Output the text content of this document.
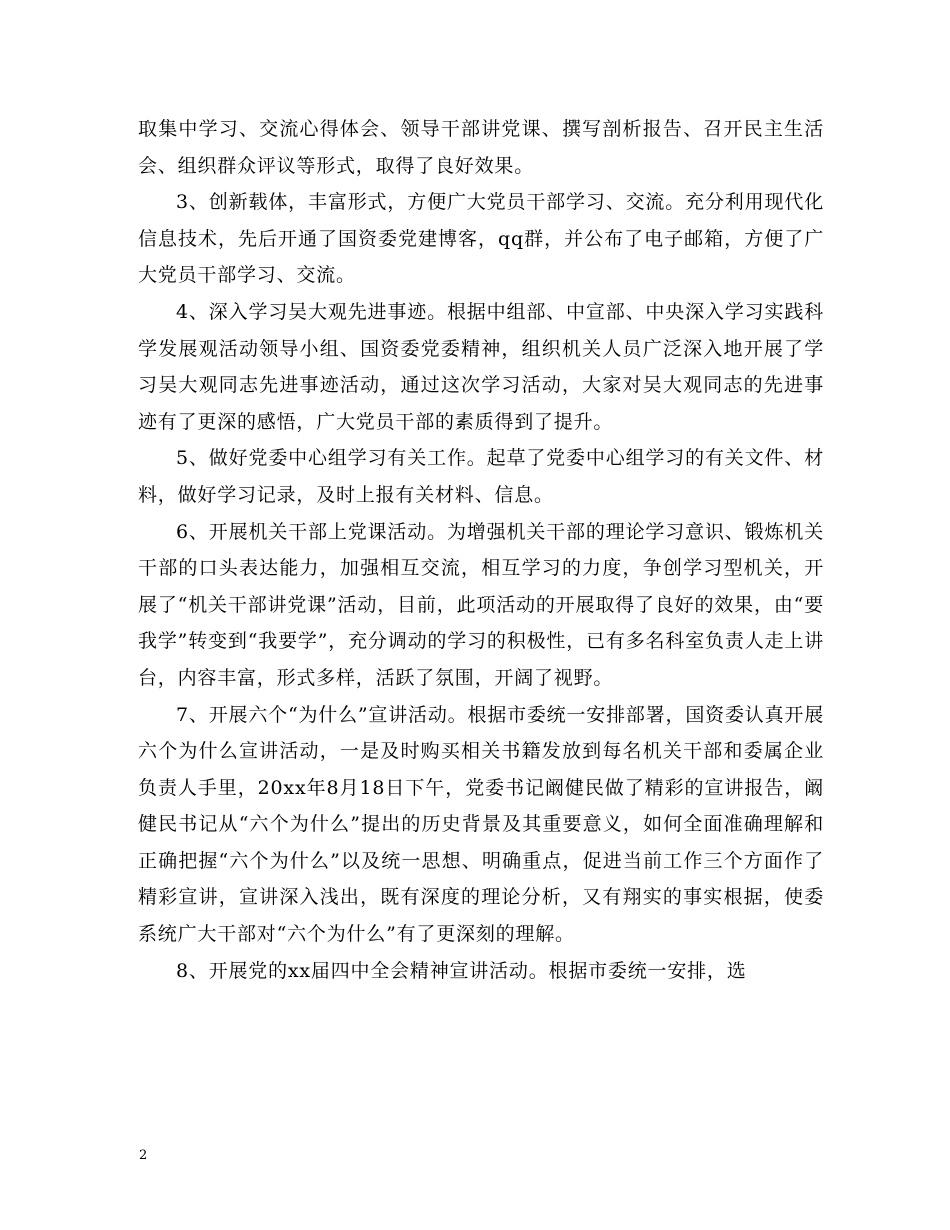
取集中学习、交流心得体会、领导干部讲党课、撰写剖析报告、召开民主生活会、组织群众评议等形式，取得了良好效果。

3、创新载体，丰富形式，方便广大党员干部学习、交流。充分利用现代化信息技术，先后开通了国资委党建博客，qq群，并公布了电子邮箱，方便了广大党员干部学习、交流。

4、深入学习吴大观先进事迹。根据中组部、中宣部、中央深入学习实践科学发展观活动领导小组、国资委党委精神，组织机关人员广泛深入地开展了学习吴大观同志先进事迹活动，通过这次学习活动，大家对吴大观同志的先进事迹有了更深的感悟，广大党员干部的素质得到了提升。

5、做好党委中心组学习有关工作。起草了党委中心组学习的有关文件、材料，做好学习记录，及时上报有关材料、信息。

6、开展机关干部上党课活动。为增强机关干部的理论学习意识、锻炼机关干部的口头表达能力，加强相互交流，相互学习的力度，争创学习型机关，开展了“机关干部讲党课”活动，目前，此项活动的开展取得了良好的效果，由“要我学”转变到“我要学”，充分调动的学习的积极性，已有多名科室负责人走上讲台，内容丰富，形式多样，活跃了氛围，开阔了视野。

7、开展六个“为什么”宣讲活动。根据市委统一安排部署，国资委认真开展六个为什么宣讲活动，一是及时购买相关书籍发放到每名机关干部和委属企业负责人手里，20xx年8月18日下午，党委书记阚健民做了精彩的宣讲报告，阚健民书记从“六个为什么”提出的历史背景及其重要意义，如何全面准确理解和正确把握“六个为什么”以及统一思想、明确重点，促进当前工作三个方面作了精彩宣讲，宣讲深入浅出，既有深度的理论分析，又有翔实的事实根据，使委系统广大干部对“六个为什么”有了更深刻的理解。

8、开展党的xx届四中全会精神宣讲活动。根据市委统一安排，选

2
